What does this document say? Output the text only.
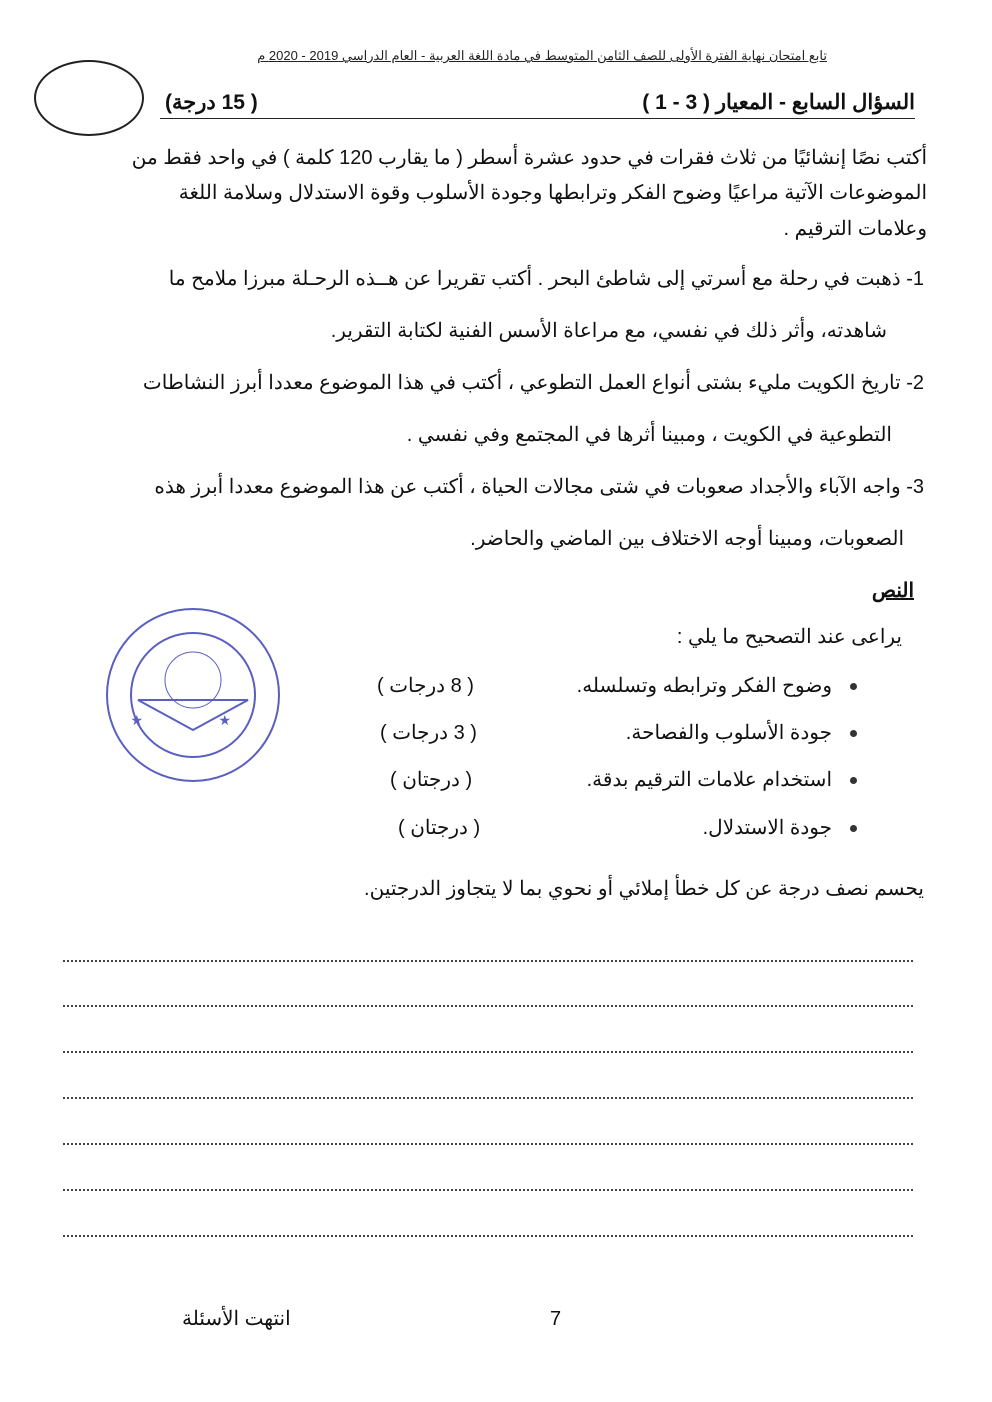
تابع امتحان نهاية الفترة الأولى للصف الثامن المتوسط في مادة اللغة العربية - العام الدراسي 2019 - 2020 م
السؤال السابع - المعيار ( 3 - 1 )
( 15 درجة)
أكتب نصًا إنشائيًا من ثلاث فقرات في حدود عشرة أسطر ( ما يقارب 120 كلمة ) في واحد فقط من
الموضوعات الآتية مراعيًا وضوح الفكر وترابطها وجودة الأسلوب وقوة الاستدلال وسلامة اللغة
وعلامات الترقيم .
1- ذهبت في رحلة مع أسرتي إلى شاطئ البحر . أكتب تقريرا عن هــذه الرحـلة مبرزا ملامح ما
شاهدته، وأثر ذلك في نفسي، مع مراعاة الأسس الفنية لكتابة التقرير.
2- تاريخ الكويت مليء بشتى أنواع العمل التطوعي ، أكتب في هذا الموضوع معددا أبرز النشاطات
التطوعية في الكويت ، ومبينا أثرها في المجتمع وفي نفسي .
3- واجه الآباء والأجداد صعوبات في شتى مجالات الحياة ، أكتب عن هذا الموضوع معددا أبرز هذه
الصعوبات، ومبينا أوجه الاختلاف بين الماضي والحاضر.
النص
يراعى عند التصحيح ما يلي :
وضوح الفكر وترابطه وتسلسله.
( 8 درجات )
جودة الأسلوب والفصاحة.
( 3 درجات )
استخدام علامات الترقيم بدقة.
( درجتان )
جودة الاستدلال.
( درجتان )
يحسم نصف درجة عن كل خطأ إملائي أو نحوي بما لا يتجاوز الدرجتين.
★	★
7
انتهت الأسئلة
